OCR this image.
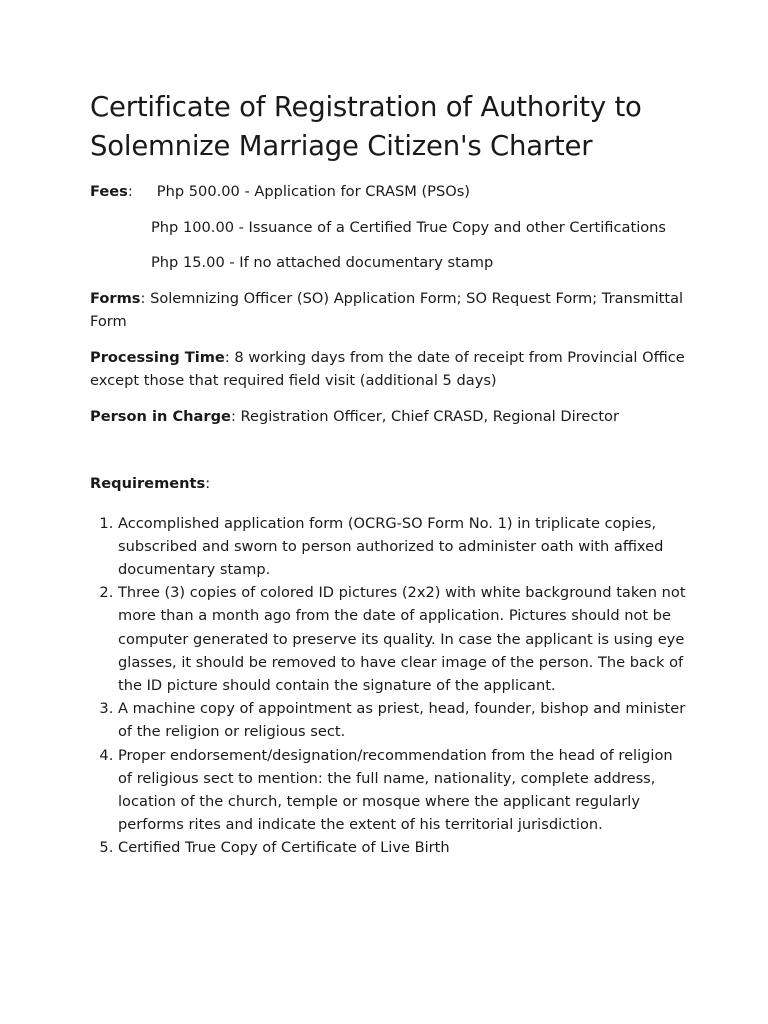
Certificate of Registration of Authority to Solemnize Marriage Citizen's Charter

Fees: Php 500.00 - Application for CRASM (PSOs)

Php 100.00 - Issuance of a Certified True Copy and other Certifications

Php 15.00 - If no attached documentary stamp

Forms: Solemnizing Officer (SO) Application Form; SO Request Form; Transmittal Form

Processing Time: 8 working days from the date of receipt from Provincial Office except those that required field visit (additional 5 days)

Person in Charge: Registration Officer, Chief CRASD, Regional Director

Requirements:

1. Accomplished application form (OCRG-SO Form No. 1) in triplicate copies, subscribed and sworn to person authorized to administer oath with affixed documentary stamp.
2. Three (3) copies of colored ID pictures (2x2) with white background taken not more than a month ago from the date of application. Pictures should not be computer generated to preserve its quality. In case the applicant is using eye glasses, it should be removed to have clear image of the person. The back of the ID picture should contain the signature of the applicant.
3. A machine copy of appointment as priest, head, founder, bishop and minister of the religion or religious sect.
4. Proper endorsement/designation/recommendation from the head of religion of religious sect to mention: the full name, nationality, complete address, location of the church, temple or mosque where the applicant regularly performs rites and indicate the extent of his territorial jurisdiction.
5. Certified True Copy of Certificate of Live Birth
